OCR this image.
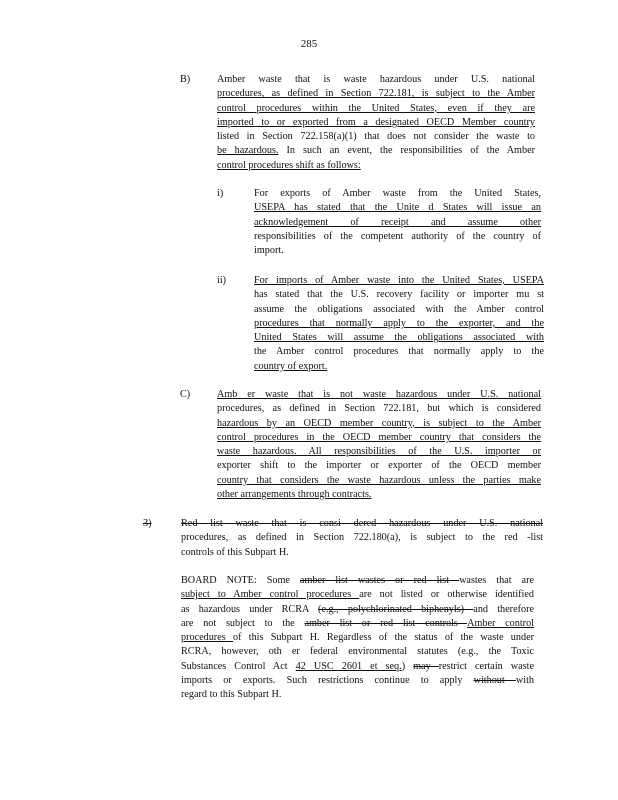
285
B)	Amber waste that is waste hazardous under U.S. national
procedures, as defined in Section 722.181, is subject to the Amber
control procedures within the United States, even if they are
imported to or exported from a designated OECD Member country
listed in Section 722.158(a)(1) that does not consider the waste to
be hazardous. In such an event, the responsibilities of the Amber
control procedures shift as follows:
i)	For exports of Amber waste from the United States,
USEPA has stated that the Unite d States will issue an
acknowledgement of receipt and assume other
responsibilities of the competent authority of the country of
import.
ii)	For imports of Amber waste into the United States, USEPA
has stated that the U.S. recovery facility or importer mu st
assume the obligations associated with the Amber control
procedures that normally apply to the exporter, and the
United States will assume the obligations associated with
the Amber control procedures that normally apply to the
country of export.
C)	Amb er waste that is not waste hazardous under U.S. national
procedures, as defined in Section 722.181, but which is considered
hazardous by an OECD member country, is subject to the Amber
control procedures in the OECD member country that considers the
waste hazardous. All responsibilities of the U.S. importer or
exporter shift to the importer or exporter of the OECD member
country that considers the waste hazardous unless the parties make
other arrangements through contracts.
3)	Red list waste that is consi dered hazardous under U.S. national
procedures, as defined in Section 722.180(a), is subject to the red -list
controls of this Subpart H.
BOARD NOTE: Some amber list wastes or red list wastes that are
subject to Amber control procedures are not listed or otherwise identified
as hazardous under RCRA (e.g., polychlorinated biphenyls) and therefore
are not subject to the amber list or red list controls Amber control
procedures of this Subpart H. Regardless of the status of the waste under
RCRA, however, oth er federal environmental statutes (e.g., the Toxic
Substances Control Act 42 USC 2601 et seq.) may restrict certain waste
imports or exports. Such restrictions continue to apply without with
regard to this Subpart H.
